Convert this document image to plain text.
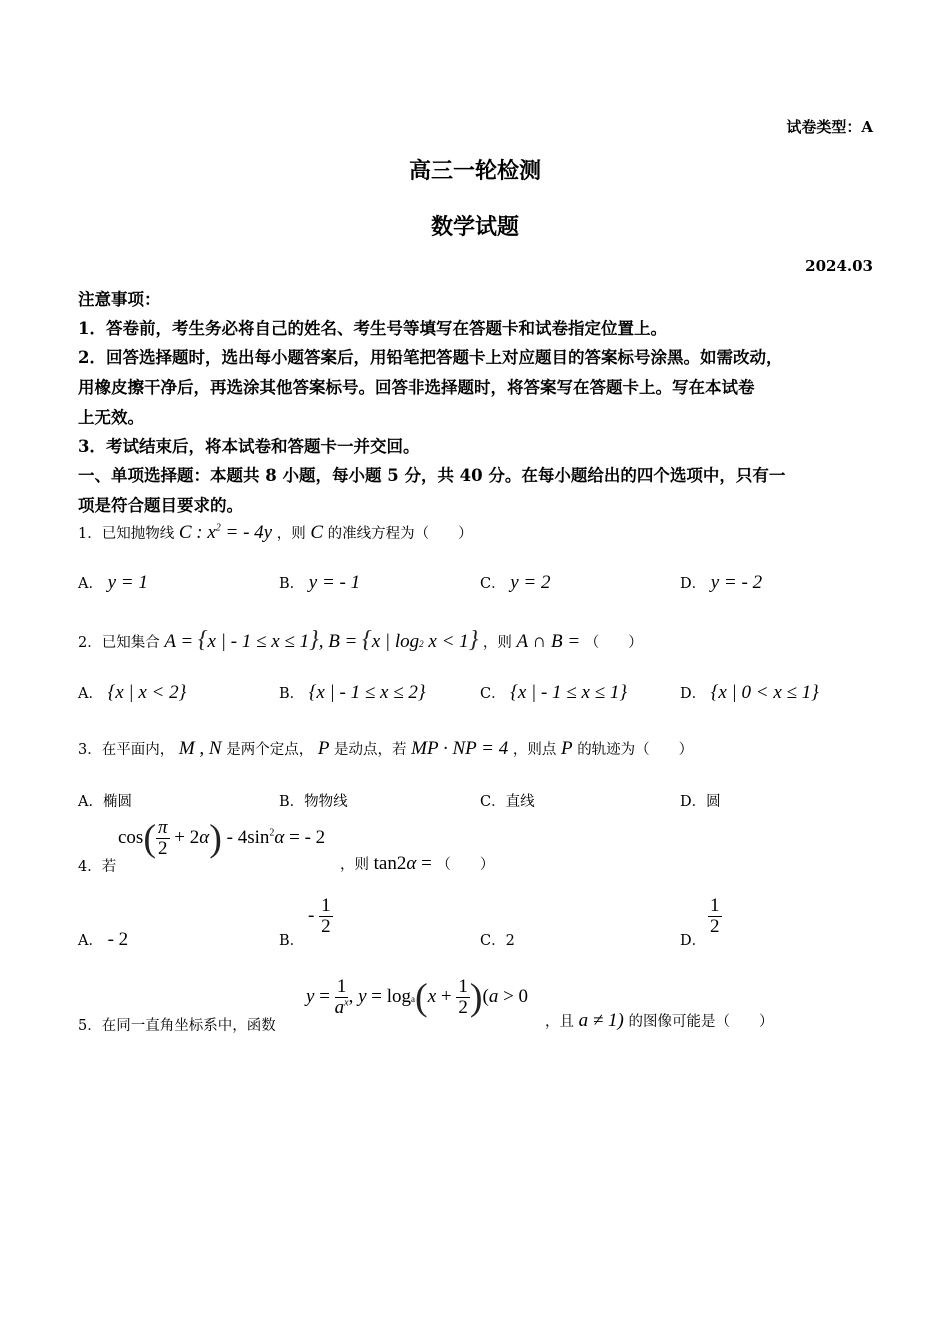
试卷类型：A
高三一轮检测
数学试题
2024.03
注意事项：
1．答卷前，考生务必将自己的姓名、考生号等填写在答题卡和试卷指定位置上。
2．回答选择题时，选出每小题答案后，用铅笔把答题卡上对应题目的答案标号涂黑。如需改动，
用橡皮擦干净后，再选涂其他答案标号。回答非选择题时，将答案写在答题卡上。写在本试卷
上无效。
3．考试结束后，将本试卷和答题卡一并交回。
一、单项选择题：本题共 8 小题，每小题 5 分，共 40 分。在每小题给出的四个选项中，只有一
项是符合题目要求的。
1．已知抛物线 C : $x^2$ = - 4y ，则 C 的准线方程为（　　）
A． y = 1	B． y = - 1	C． y = 2	D． y = - 2
2．已知集合 A = {x | - 1 ≤ x ≤ 1}, B = {x | log2 x < 1} ，则 A ∩ B = （　　）
A． {x | x < 2}	B． {x | - 1 ≤ x ≤ 2}	C． {x | - 1 ≤ x ≤ 1}	D． {x | 0 < x ≤ 1}
3．在平面内， M , N 是两个定点， P 是动点，若 MP · NP = 4 ，则点 P 的轨迹为（　　）
A．椭圆	B．物物线	C．直线	D．圆
4．若
$\cos( \frac{\pi}{2} + 2\alpha) - 4\sin^2\alpha$ = - 2
，则 tan2α = （　　）
A． - 2	B．
- $\frac{1}{2}$
C．2	D．
$\frac{1}{2}$
5．在同一直角坐标系中，函数
$y = \frac{1}{a^x}$ , $y = \log a(x + \frac{1}{2} )(a > 0$
，且 a ≠ 1) 的图像可能是（　　）
